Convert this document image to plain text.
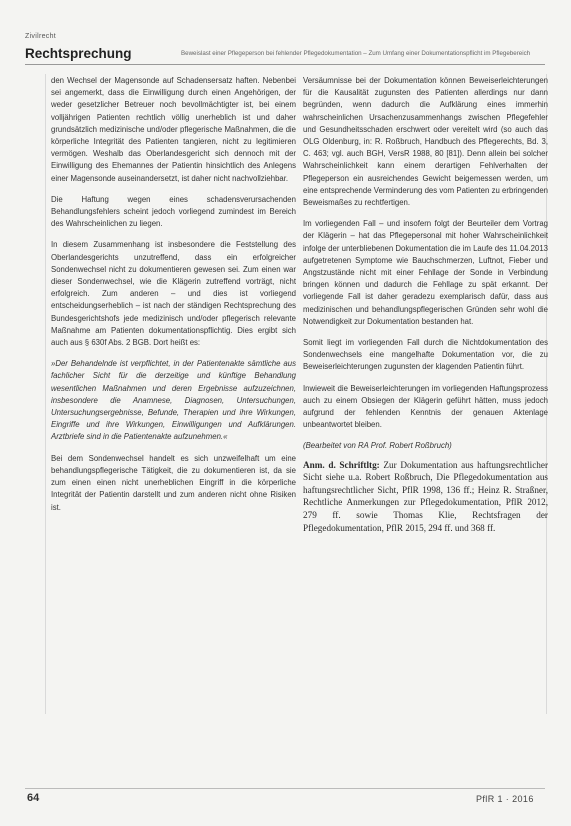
Zivilrecht
Rechtsprechung	Beweislast einer Pflegeperson bei fehlender Pflegedokumentation – Zum Umfang einer Dokumentationspflicht im Pflegebereich

den Wechsel der Magensonde auf Schadensersatz haften. Nebenbei sei angemerkt, dass die Einwilligung durch einen Angehörigen, der weder gesetzlicher Betreuer noch bevollmächtigter ist, bei einem volljährigen Patienten rechtlich völlig unerheblich ist und daher grundsätzlich medizinische und/oder pflegerische Maßnahmen, die die körperliche Integrität des Patienten tangieren, nicht zu legitimieren vermögen. Weshalb das Oberlandesgericht sich dennoch mit der Einwilligung des Ehemannes der Patientin hinsichtlich des Anlegens einer Magensonde auseinandersetzt, ist daher nicht nachvollziehbar.

Die Haftung wegen eines schadensverursachenden Behandlungsfehlers scheint jedoch vorliegend zumindest im Bereich des Wahrscheinlichen zu liegen.

In diesem Zusammenhang ist insbesondere die Feststellung des Oberlandesgerichts unzutreffend, dass ein erfolgreicher Sondenwechsel nicht zu dokumentieren gewesen sei. Zum einen war dieser Sondenwechsel, wie die Klägerin zutreffend vorträgt, nicht erfolgreich. Zum anderen – und dies ist vorliegend entscheidungserheblich – ist nach der ständigen Rechtsprechung des Bundesgerichtshofs jede medizinisch und/oder pflegerisch relevante Maßnahme am Patienten dokumentationspflichtig. Dies ergibt sich auch aus § 630f Abs. 2 BGB. Dort heißt es:

»Der Behandelnde ist verpflichtet, in der Patientenakte sämtliche aus fachlicher Sicht für die derzeitige und künftige Behandlung wesentlichen Maßnahmen und deren Ergebnisse aufzuzeichnen, insbesondere die Anamnese, Diagnosen, Untersuchungen, Untersuchungsergebnisse, Befunde, Therapien und ihre Wirkungen, Eingriffe und ihre Wirkungen, Einwilligungen und Aufklärungen. Arztbriefe sind in die Patientenakte aufzunehmen.«

Bei dem Sondenwechsel handelt es sich unzweifelhaft um eine behandlungspflegerische Tätigkeit, die zu dokumentieren ist, da sie zum einen einen nicht unerheblichen Eingriff in die körperliche Integrität der Patientin darstellt und zum anderen nicht ohne Risiken ist.

Versäumnisse bei der Dokumentation können Beweiserleichterungen für die Kausalität zugunsten des Patienten allerdings nur dann begründen, wenn dadurch die Aufklärung eines immerhin wahrscheinlichen Ursachenzusammenhangs zwischen Pflegefehler und Gesundheitsschaden erschwert oder vereitelt wird (so auch das OLG Oldenburg, in: R. Roßbruch, Handbuch des Pflegerechts, Bd. 3, C. 463; vgl. auch BGH, VersR 1988, 80 [81]). Denn allein bei solcher Wahrscheinlichkeit kann einem derartigen Fehlverhalten der Pflegeperson ein ausreichendes Gewicht beigemessen werden, um eine entsprechende Verminderung des vom Patienten zu erbringenden Beweismaßes zu rechtfertigen.

Im vorliegenden Fall – und insofern folgt der Beurteiler dem Vortrag der Klägerin – hat das Pflegepersonal mit hoher Wahrscheinlichkeit infolge der unterbliebenen Dokumentation die im Laufe des 11.04.2013 aufgetretenen Symptome wie Bauchschmerzen, Luftnot, Fieber und Angstzustände nicht mit einer Fehllage der Sonde in Verbindung bringen können und dadurch die Fehllage zu spät erkannt. Der vorliegende Fall ist daher geradezu exemplarisch dafür, dass aus medizinischen und behandlungspflegerischen Gründen sehr wohl die Notwendigkeit zur Dokumentation bestanden hat.

Somit liegt im vorliegenden Fall durch die Nichtdokumentation des Sondenwechsels eine mangelhafte Dokumentation vor, die zu Beweiserleichterungen zugunsten der klagenden Patientin führt.

Inwieweit die Beweiserleichterungen im vorliegenden Haftungsprozess auch zu einem Obsiegen der Klägerin geführt hätten, muss jedoch aufgrund der fehlenden Kenntnis der genauen Aktenlage unbeantwortet bleiben.

(Bearbeitet von RA Prof. Robert Roßbruch)

Anm. d. Schriftltg: Zur Dokumentation aus haftungsrechtlicher Sicht siehe u.a. Robert Roßbruch, Die Pflegedokumentation aus haftungsrechtlicher Sicht, PflR 1998, 136 ff.; Heinz R. Straßner, Rechtliche Anmerkungen zur Pflegedokumentation, PflR 2012, 279 ff. sowie Thomas Klie, Rechtsfragen der Pflegedokumentation, PflR 2015, 294 ff. und 368 ff.

64	PflR 1 · 2016
